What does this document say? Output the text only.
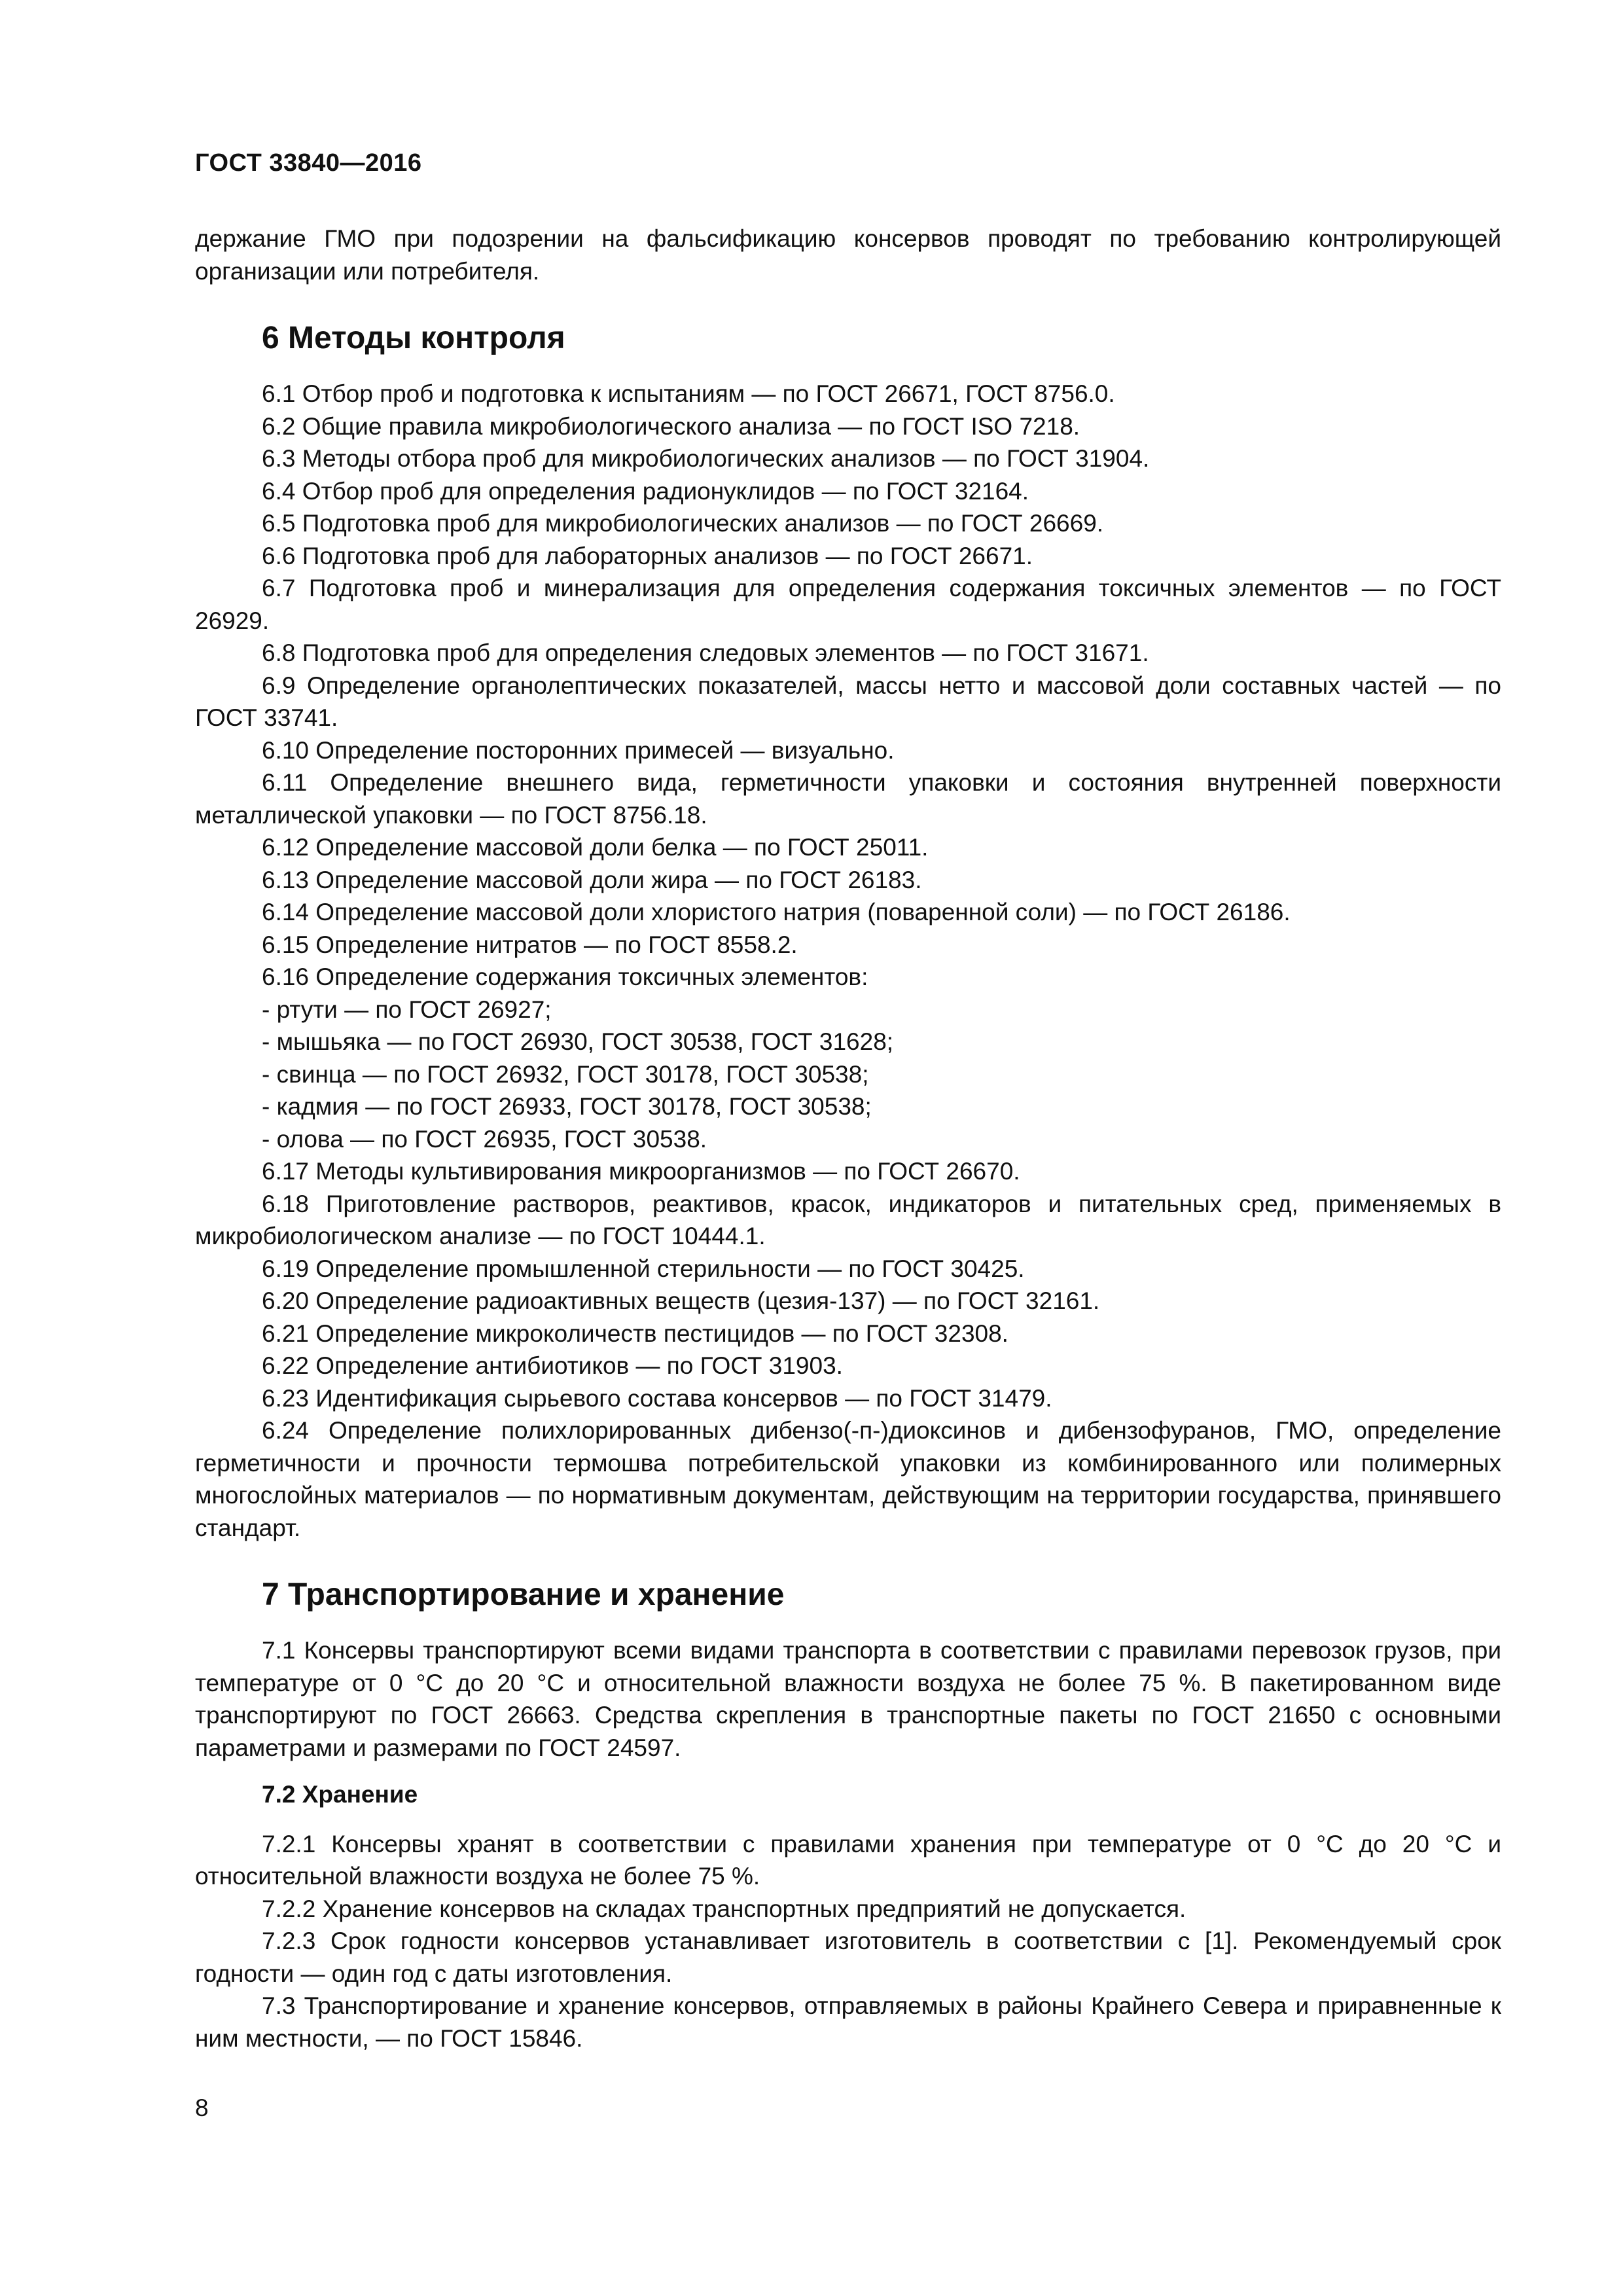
ГОСТ 33840—2016

держание ГМО при подозрении на фальсификацию консервов проводят по требованию контролирующей организации или потребителя.

6 Методы контроля

6.1 Отбор проб и подготовка к испытаниям — по ГОСТ 26671, ГОСТ 8756.0.

6.2 Общие правила микробиологического анализа — по ГОСТ ISO 7218.

6.3 Методы отбора проб для микробиологических анализов — по ГОСТ 31904.

6.4 Отбор проб для определения радионуклидов — по ГОСТ 32164.

6.5 Подготовка проб для микробиологических анализов — по ГОСТ 26669.

6.6 Подготовка проб для лабораторных анализов — по ГОСТ 26671.

6.7 Подготовка проб и минерализация для определения содержания токсичных элементов — по ГОСТ 26929.

6.8 Подготовка проб для определения следовых элементов — по ГОСТ 31671.

6.9 Определение органолептических показателей, массы нетто и массовой доли составных частей — по ГОСТ 33741.

6.10 Определение посторонних примесей — визуально.

6.11 Определение внешнего вида, герметичности упаковки и состояния внутренней поверхности металлической упаковки — по ГОСТ 8756.18.

6.12 Определение массовой доли белка — по ГОСТ 25011.

6.13 Определение массовой доли жира — по ГОСТ 26183.

6.14 Определение массовой доли хлористого натрия (поваренной соли) — по ГОСТ 26186.

6.15 Определение нитратов — по ГОСТ 8558.2.

6.16 Определение содержания токсичных элементов:

- ртути — по ГОСТ 26927;

- мышьяка — по ГОСТ 26930, ГОСТ 30538, ГОСТ 31628;

- свинца — по ГОСТ 26932, ГОСТ 30178, ГОСТ 30538;

- кадмия — по ГОСТ 26933, ГОСТ 30178, ГОСТ 30538;

- олова — по ГОСТ 26935, ГОСТ 30538.

6.17 Методы культивирования микроорганизмов — по ГОСТ 26670.

6.18 Приготовление растворов, реактивов, красок, индикаторов и питательных сред, применяемых в микробиологическом анализе — по ГОСТ 10444.1.

6.19 Определение промышленной стерильности — по ГОСТ 30425.

6.20 Определение радиоактивных веществ (цезия-137) — по ГОСТ 32161.

6.21 Определение микроколичеств пестицидов — по ГОСТ 32308.

6.22 Определение антибиотиков — по ГОСТ 31903.

6.23 Идентификация сырьевого состава консервов — по ГОСТ 31479.

6.24 Определение полихлорированных дибензо(-п-)диоксинов и дибензофуранов, ГМО, определение герметичности и прочности термошва потребительской упаковки из комбинированного или полимерных многослойных материалов — по нормативным документам, действующим на территории государства, принявшего стандарт.

7 Транспортирование и хранение

7.1 Консервы транспортируют всеми видами транспорта в соответствии с правилами перевозок грузов, при температуре от 0 °С до 20 °С и относительной влажности воздуха не более 75 %. В пакетированном виде транспортируют по ГОСТ 26663. Средства скрепления в транспортные пакеты по ГОСТ 21650 с основными параметрами и размерами по ГОСТ 24597.

7.2 Хранение

7.2.1 Консервы хранят в соответствии с правилами хранения при температуре от 0 °С до 20 °С и относительной влажности воздуха не более 75 %.

7.2.2 Хранение консервов на складах транспортных предприятий не допускается.

7.2.3 Срок годности консервов устанавливает изготовитель в соответствии с [1]. Рекомендуемый срок годности — один год с даты изготовления.

7.3 Транспортирование и хранение консервов, отправляемых в районы Крайнего Севера и приравненные к ним местности, — по ГОСТ 15846.

8
